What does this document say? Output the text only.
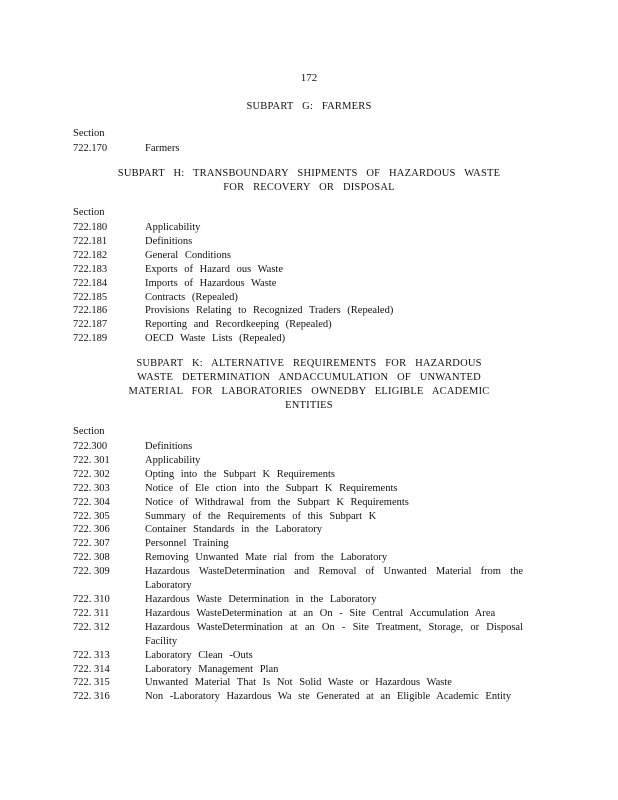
172
SUBPART G: FARMERS
Section
722.170	Farmers
SUBPART H: TRANSBOUNDARY SHIPMENTS OF HAZARDOUS WASTE
FOR RECOVERY OR DISPOSAL
Section
722.180	Applicability
722.181	Definitions
722.182	General Conditions
722.183	Exports of Hazard ous Waste
722.184	Imports of Hazardous Waste
722.185	Contracts (Repealed)
722.186	Provisions Relating to Recognized Traders (Repealed)
722.187	Reporting and Recordkeeping (Repealed)
722.189	OECD Waste Lists (Repealed)
SUBPART K: ALTERNATIVE REQUIREMENTS FOR HAZARDOUS
WASTE DETERMINATION ANDACCUMULATION OF UNWANTED
MATERIAL FOR LABORATORIES OWNEDBY ELIGIBLE ACADEMIC
ENTITIES
Section
722.300	Definitions
722. 301	Applicability
722. 302	Opting into the Subpart K Requirements
722. 303	Notice of Ele ction into the Subpart K Requirements
722. 304	Notice of Withdrawal from the Subpart K Requirements
722. 305	Summary of the Requirements of this Subpart K
722. 306	Container Standards in the Laboratory
722. 307	Personnel Training
722. 308	Removing Unwanted Mate rial from the Laboratory
722. 309	Hazardous WasteDetermination and Removal of Unwanted Material from the Laboratory
722. 310	Hazardous Waste Determination in the Laboratory
722. 311	Hazardous WasteDetermination at an On - Site Central Accumulation Area
722. 312	Hazardous WasteDetermination at an On - Site Treatment, Storage, or Disposal Facility
722. 313	Laboratory Clean -Outs
722. 314	Laboratory Management Plan
722. 315	Unwanted Material That Is Not Solid Waste or Hazardous Waste
722. 316	Non -Laboratory Hazardous Wa ste Generated at an Eligible Academic Entity
